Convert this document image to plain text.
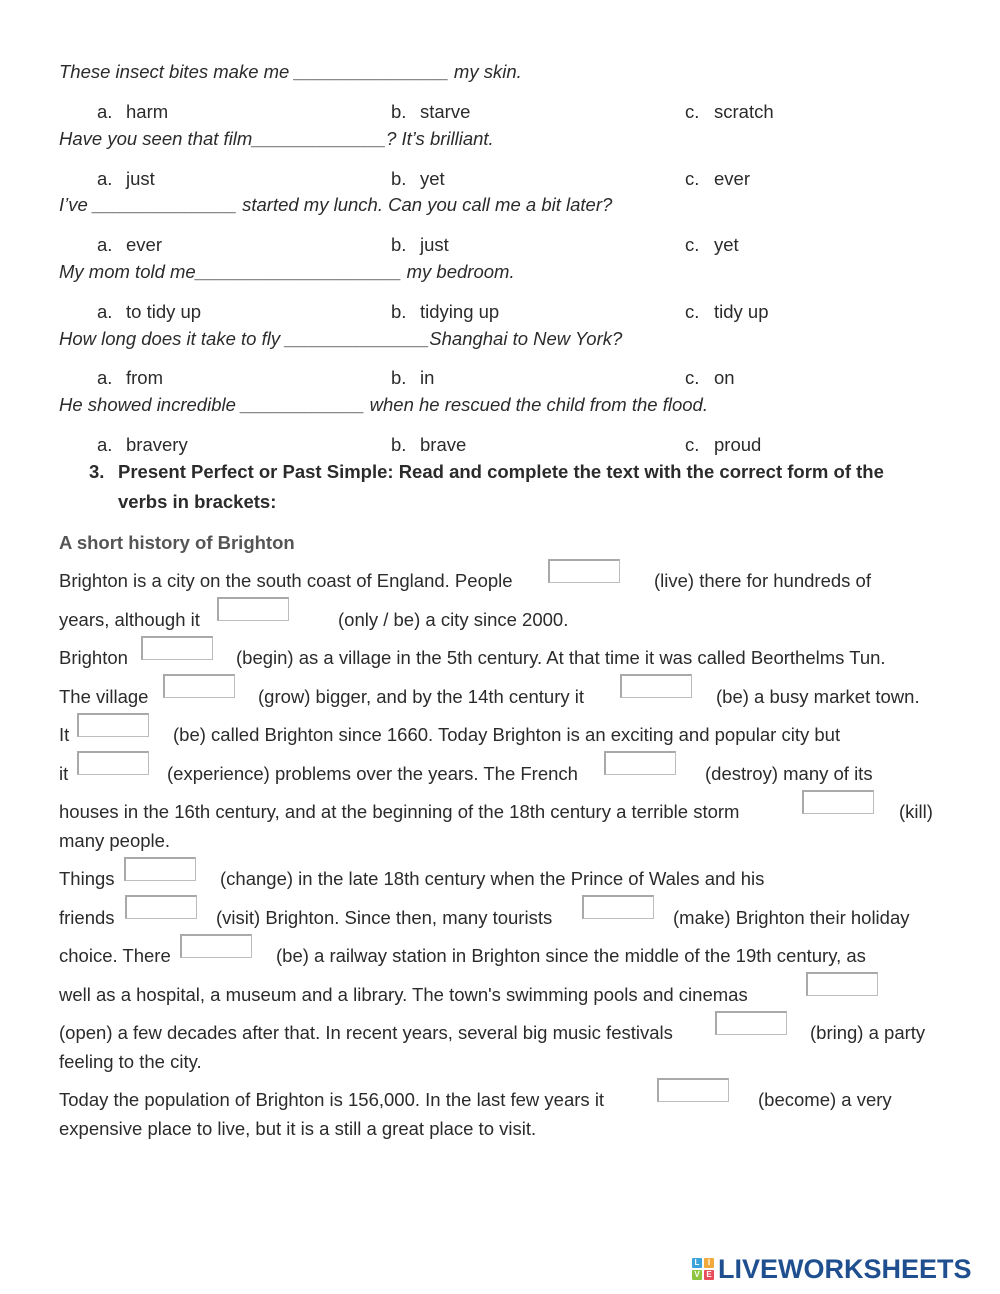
These insect bites make me _______________ my skin.
a. harm	b. starve	c. scratch
Have you seen that film_____________? It’s brilliant.
a. just	b. yet	c. ever
I’ve ______________ started my lunch. Can you call me a bit later?
a. ever	b. just	c. yet
My mom told me____________________ my bedroom.
a. to tidy up	b. tidying up	c. tidy up
How long does it take to fly ______________Shanghai to New York?
a. from	b. in	c. on
He showed incredible ____________ when he rescued the child from the flood.
a. bravery	b. brave	c. proud
3. Present Perfect or Past Simple: Read and complete the text with the correct form of the
verbs in brackets:
A short history of Brighton
Brighton is a city on the south coast of England. People	(live) there for hundreds of
years, although it	(only / be) a city since 2000.
Brighton	(begin) as a village in the 5th century. At that time it was called Beorthelms Tun.
The village	(grow) bigger, and by the 14th century it	(be) a busy market town.
It	(be) called Brighton since 1660. Today Brighton is an exciting and popular city but
it	(experience) problems over the years. The French	(destroy) many of its
houses in the 16th century, and at the beginning of the 18th century a terrible storm	(kill)
many people.
Things	(change) in the late 18th century when the Prince of Wales and his
friends	(visit) Brighton. Since then, many tourists	(make) Brighton their holiday
choice. There	(be) a railway station in Brighton since the middle of the 19th century, as
well as a hospital, a museum and a library. The town's swimming pools and cinemas
(open) a few decades after that. In recent years, several big music festivals	(bring) a party
feeling to the city.
Today the population of Brighton is 156,000. In the last few years it	(become) a very
expensive place to live, but it is a still a great place to visit.
L	I
V E LIVEWORKSHEETS
